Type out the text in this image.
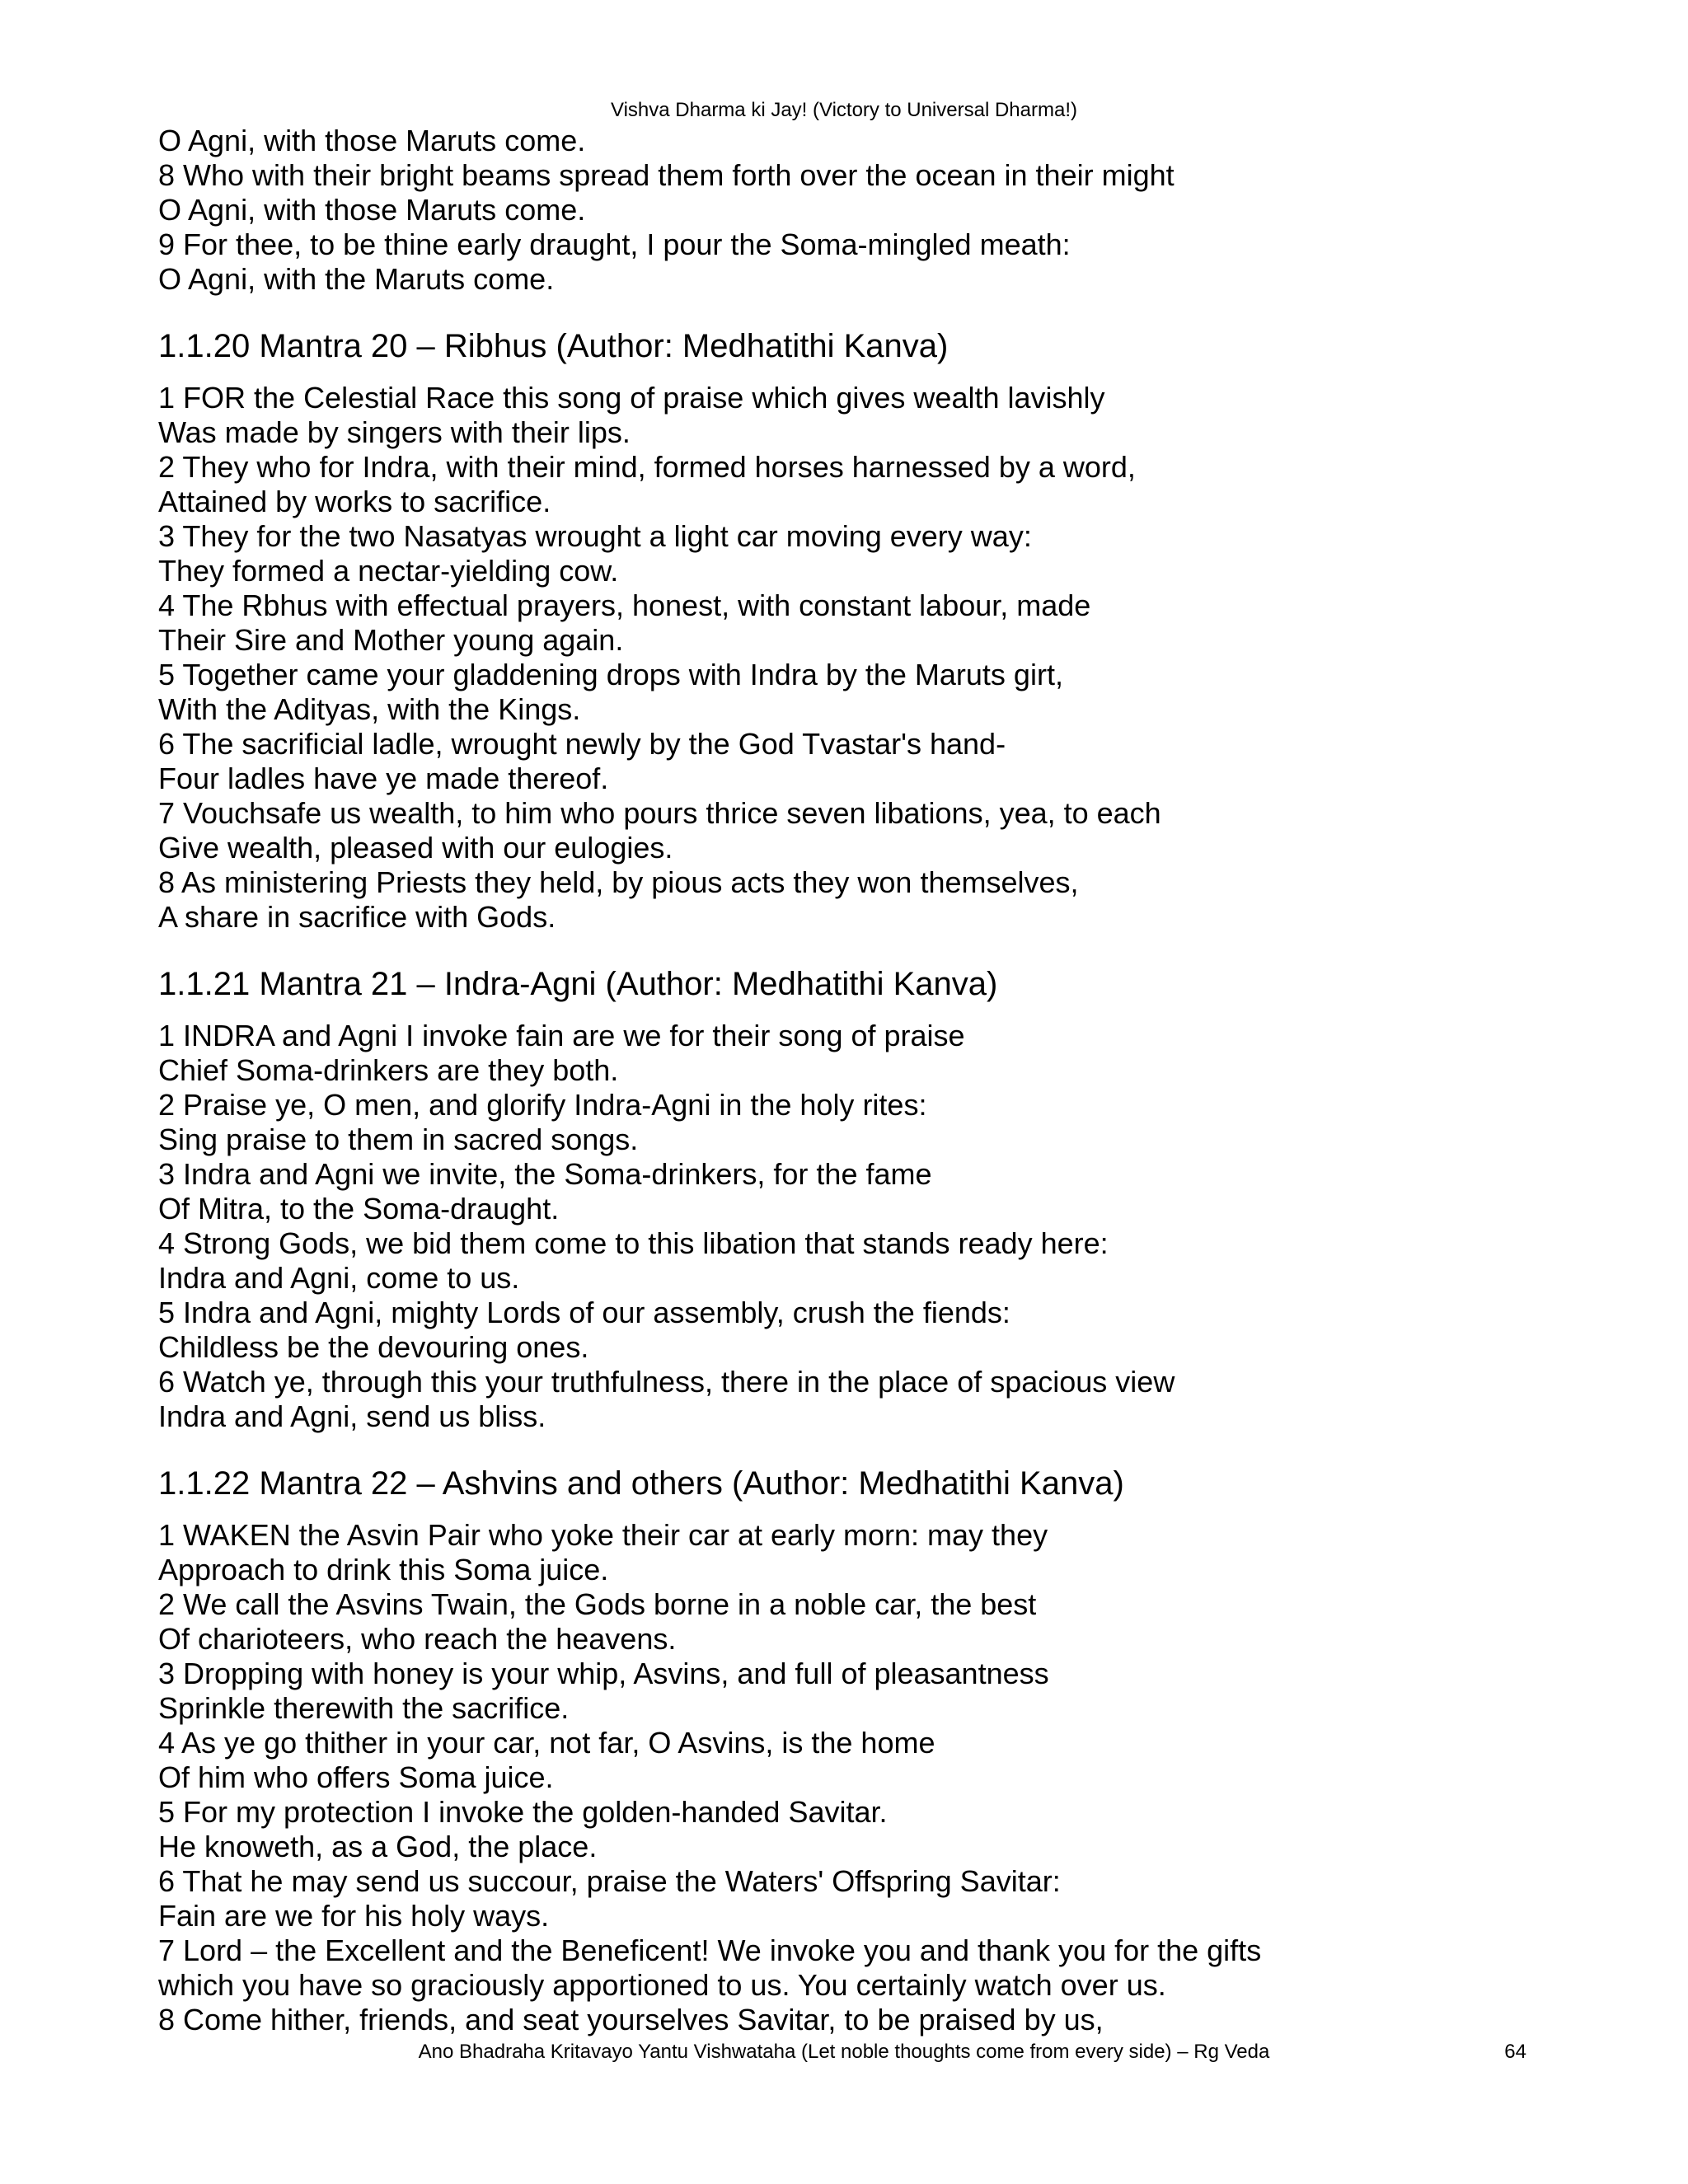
Vishva Dharma ki Jay! (Victory to Universal Dharma!)
O Agni, with those Maruts come.
8 Who with their bright beams spread them forth over the ocean in their might
O Agni, with those Maruts come.
9 For thee, to be thine early draught, I pour the Soma-mingled meath:
O Agni, with the Maruts come.
1.1.20 Mantra 20 – Ribhus (Author: Medhatithi Kanva)
1 FOR the Celestial Race this song of praise which gives wealth lavishly
Was made by singers with their lips.
2 They who for Indra, with their mind, formed horses harnessed by a word,
Attained by works to sacrifice.
3 They for the two Nasatyas wrought a light car moving every way:
They formed a nectar-yielding cow.
4 The Rbhus with effectual prayers, honest, with constant labour, made
Their Sire and Mother young again.
5 Together came your gladdening drops with Indra by the Maruts girt,
With the Adityas, with the Kings.
6 The sacrificial ladle, wrought newly by the God Tvastar's hand-
Four ladles have ye made thereof.
7 Vouchsafe us wealth, to him who pours thrice seven libations, yea, to each
Give wealth, pleased with our eulogies.
8 As ministering Priests they held, by pious acts they won themselves,
A share in sacrifice with Gods.
1.1.21 Mantra 21 – Indra-Agni (Author: Medhatithi Kanva)
1 INDRA and Agni I invoke fain are we for their song of praise
Chief Soma-drinkers are they both.
2 Praise ye, O men, and glorify Indra-Agni in the holy rites:
Sing praise to them in sacred songs.
3 Indra and Agni we invite, the Soma-drinkers, for the fame
Of Mitra, to the Soma-draught.
4 Strong Gods, we bid them come to this libation that stands ready here:
Indra and Agni, come to us.
5 Indra and Agni, mighty Lords of our assembly, crush the fiends:
Childless be the devouring ones.
6 Watch ye, through this your truthfulness, there in the place of spacious view
Indra and Agni, send us bliss.
1.1.22 Mantra 22 – Ashvins and others (Author: Medhatithi Kanva)
1 WAKEN the Asvin Pair who yoke their car at early morn: may they
Approach to drink this Soma juice.
2 We call the Asvins Twain, the Gods borne in a noble car, the best
Of charioteers, who reach the heavens.
3 Dropping with honey is your whip, Asvins, and full of pleasantness
Sprinkle therewith the sacrifice.
4 As ye go thither in your car, not far, O Asvins, is the home
Of him who offers Soma juice.
5 For my protection I invoke the golden-handed Savitar.
He knoweth, as a God, the place.
6 That he may send us succour, praise the Waters' Offspring Savitar:
Fain are we for his holy ways.
7 Lord – the Excellent and the Beneficent! We invoke you and thank you for the gifts
which you have so graciously apportioned to us. You certainly watch over us.
8 Come hither, friends, and seat yourselves Savitar, to be praised by us,
Ano Bhadraha Kritavayo Yantu Vishwataha (Let noble thoughts come from every side) – Rg Veda	64
